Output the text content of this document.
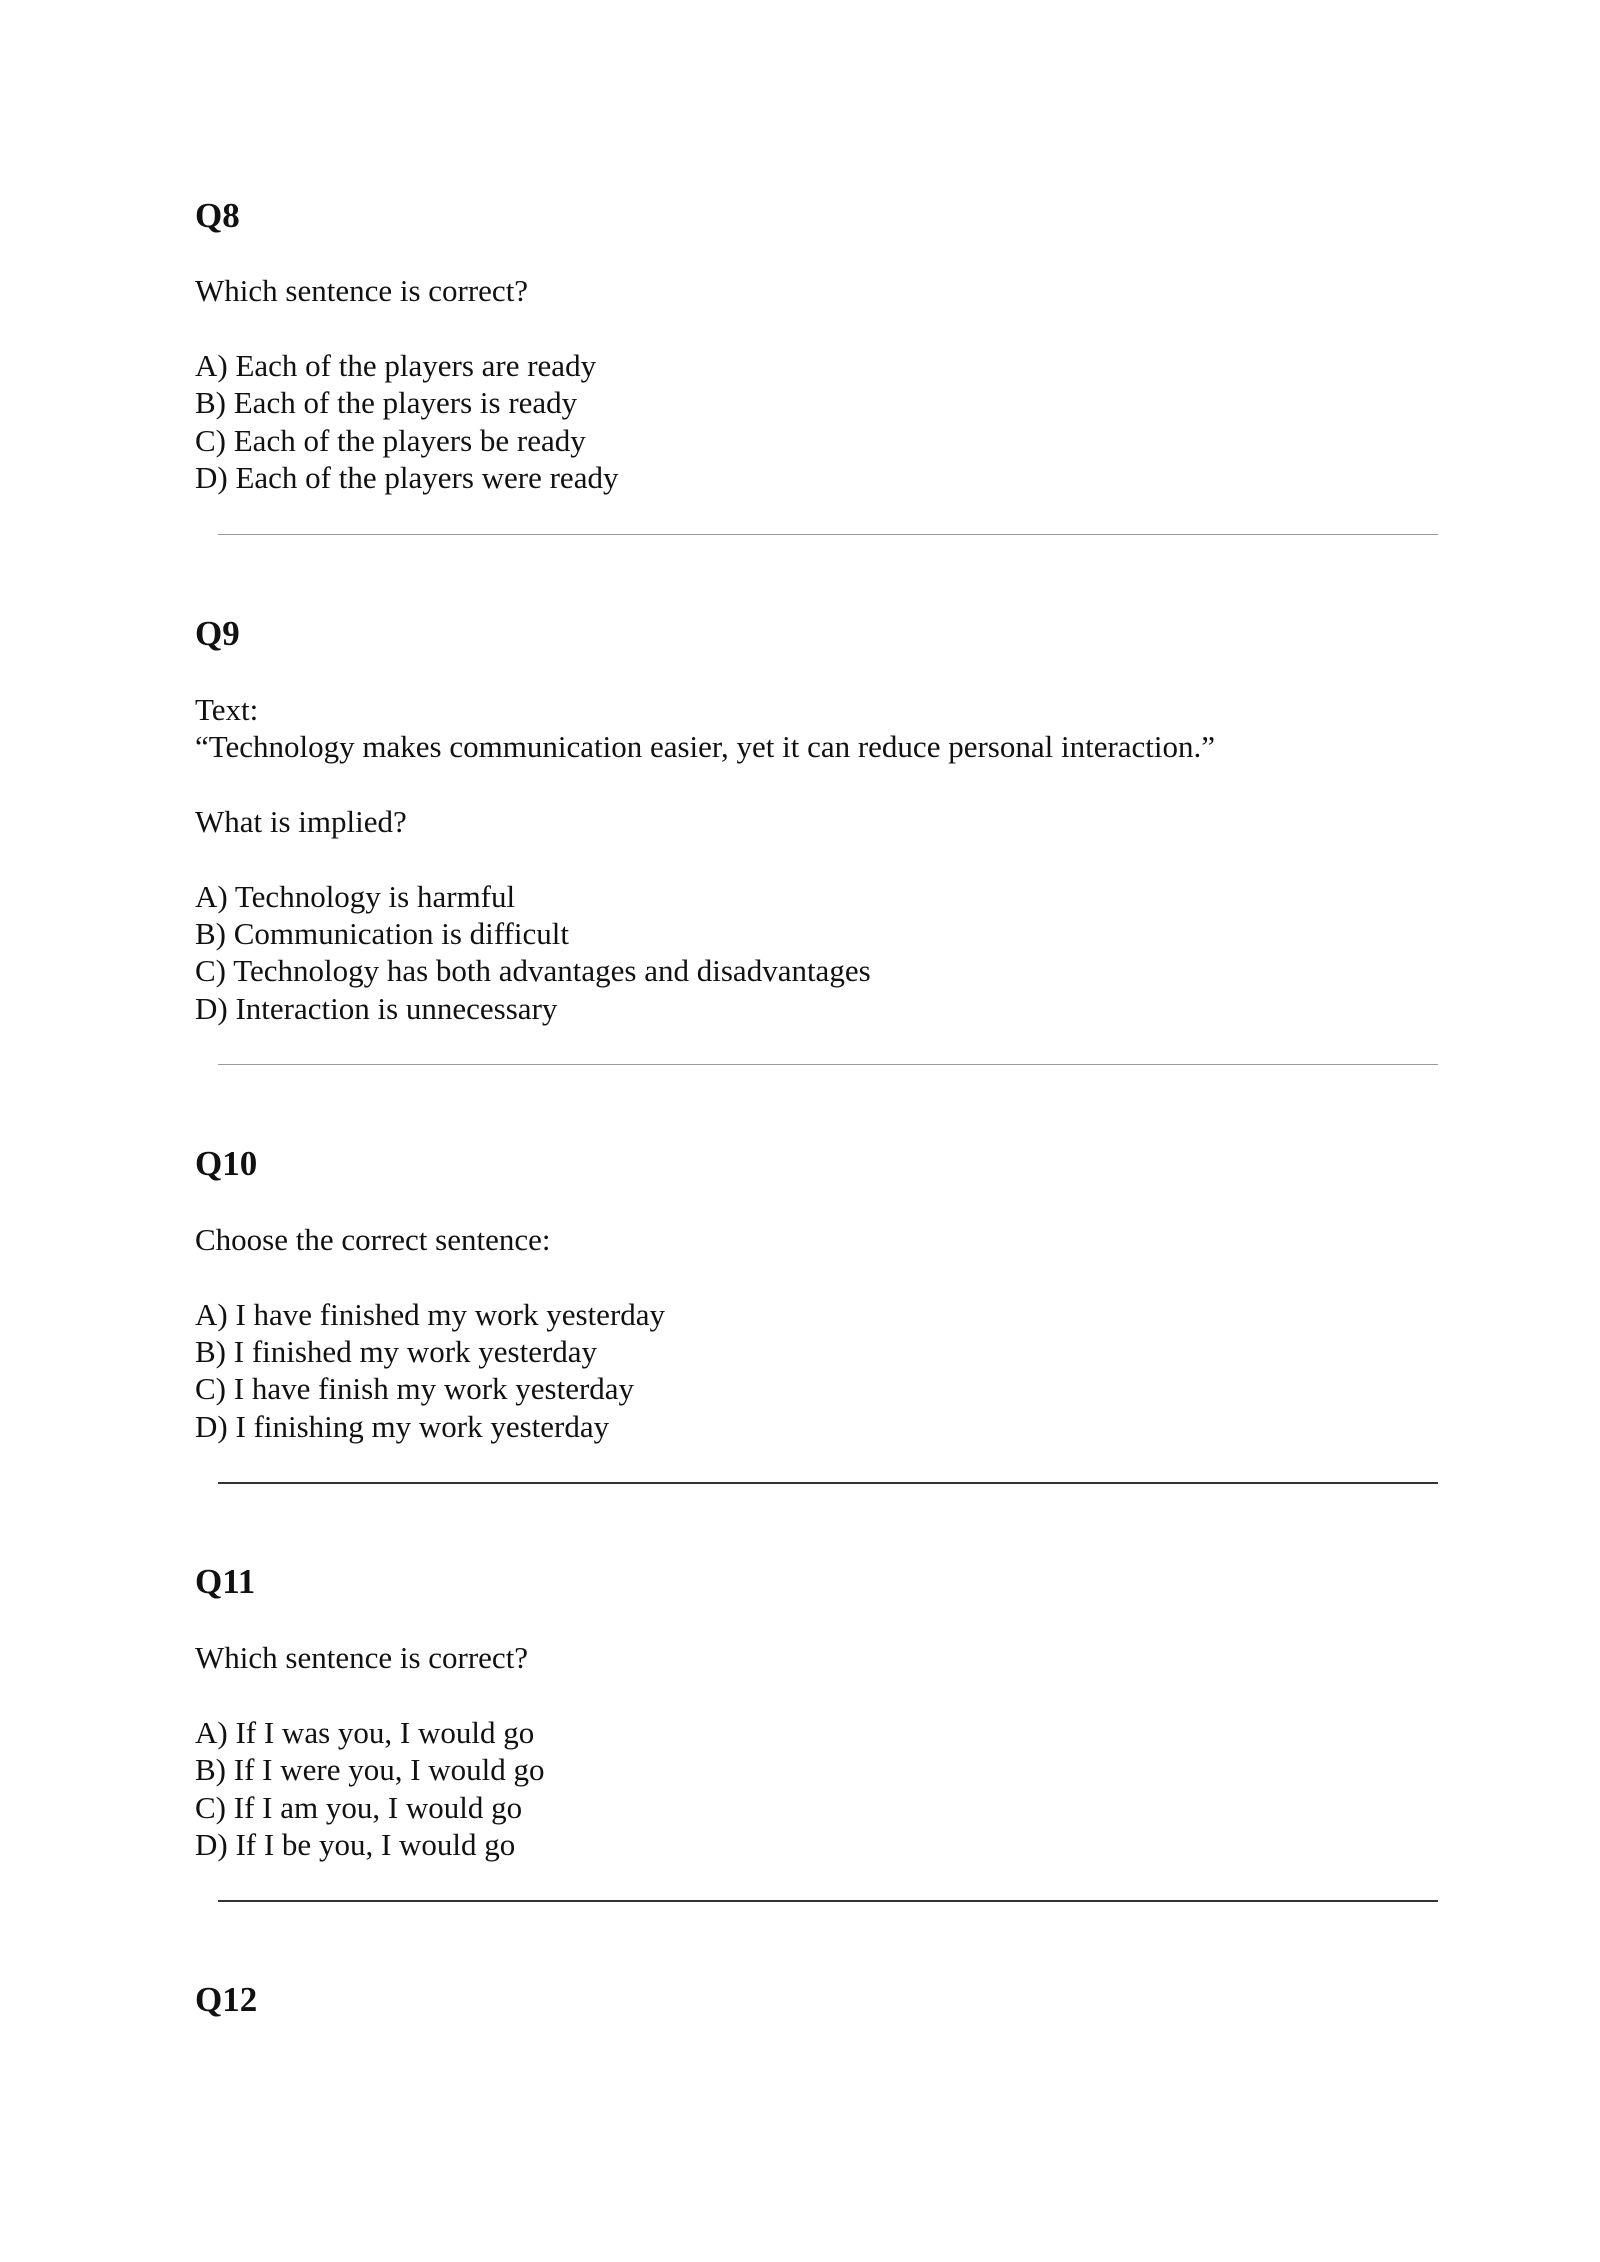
Q8

Which sentence is correct?

A) Each of the players are ready

B) Each of the players is ready

C) Each of the players be ready

D) Each of the players were ready

Q9

Text:

“Technology makes communication easier, yet it can reduce personal interaction.”

What is implied?

A) Technology is harmful

B) Communication is difficult

C) Technology has both advantages and disadvantages

D) Interaction is unnecessary

Q10

Choose the correct sentence:

A) I have finished my work yesterday

B) I finished my work yesterday

C) I have finish my work yesterday

D) I finishing my work yesterday

Q11

Which sentence is correct?

A) If I was you, I would go

B) If I were you, I would go

C) If I am you, I would go

D) If I be you, I would go

Q12
